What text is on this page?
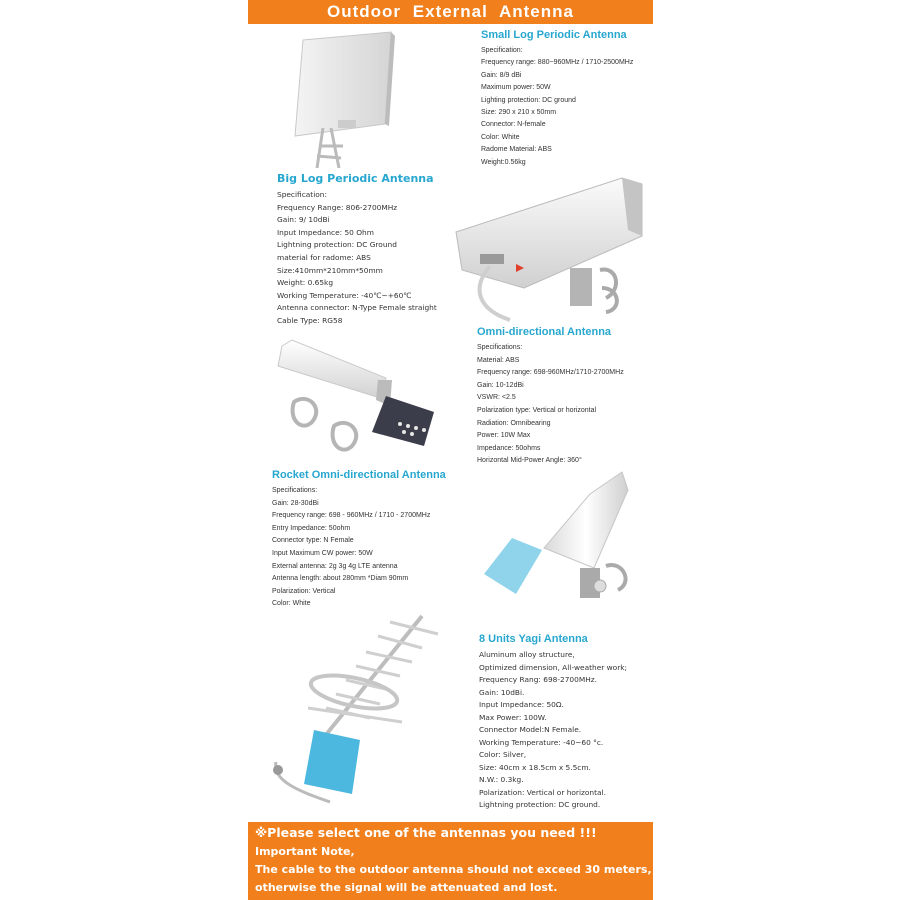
Outdoor External Antenna
Small Log Periodic Antenna
Specification:
Frequency range: 880~960MHz / 1710-2500MHz
Gain: 8/9 dBi
Maximum power: 50W
Lighting protection: DC ground
Size: 290 x 210 x 50mm
Connector: N-female
Color: White
Radome Material: ABS
Weight:0.56kg
Big Log Periodic Antenna
Specification:
Frequency Range: 806-2700MHz
Gain: 9/ 10dBi
Input Impedance: 50 Ohm
Lightning protection: DC Ground
material for radome: ABS
Size:410mm*210mm*50mm
Weight: 0.65kg
Working Temperature: -40℃~+60℃
Antenna connector: N-Type Female straight
Cable Type: RG58
Omni-directional Antenna
Specifications:
Material: ABS
Frequency range: 698-960MHz/1710-2700MHz
Gain: 10-12dBi
VSWR: <2.5
Polarization type: Vertical or horizontal
Radiation: Omnibearing
Power: 10W Max
Impedance: 50ohms
Horizontal Mid-Power Angle: 360°
Rocket Omni-directional Antenna
Specifications:
Gain: 28-30dBi
Frequency range: 698 - 960MHz / 1710 - 2700MHz
Entry Impedance: 50ohm
Connector type: N Female
Input Maximum CW power: 50W
External antenna: 2g 3g 4g LTE antenna
Antenna length: about 280mm *Diam 90mm
Polarization: Vertical
Color: White
8 Units Yagi Antenna
Aluminum alloy structure,
Optimized dimension, All-weather work;
Frequency Rang: 698-2700MHz.
Gain: 10dBi.
Input Impedance: 50Ω.
Max Power: 100W.
Connector Model:N Female.
Working Temperature: -40~60 °c.
Color: Silver,
Size: 40cm x 18.5cm x 5.5cm.
N.W.: 0.3kg.
Polarization: Vertical or horizontal.
Lightning protection: DC ground.
※Please select one of the antennas you need !!!
Important Note,
The cable to the outdoor antenna should not exceed 30 meters,
otherwise the signal will be attenuated and lost.
